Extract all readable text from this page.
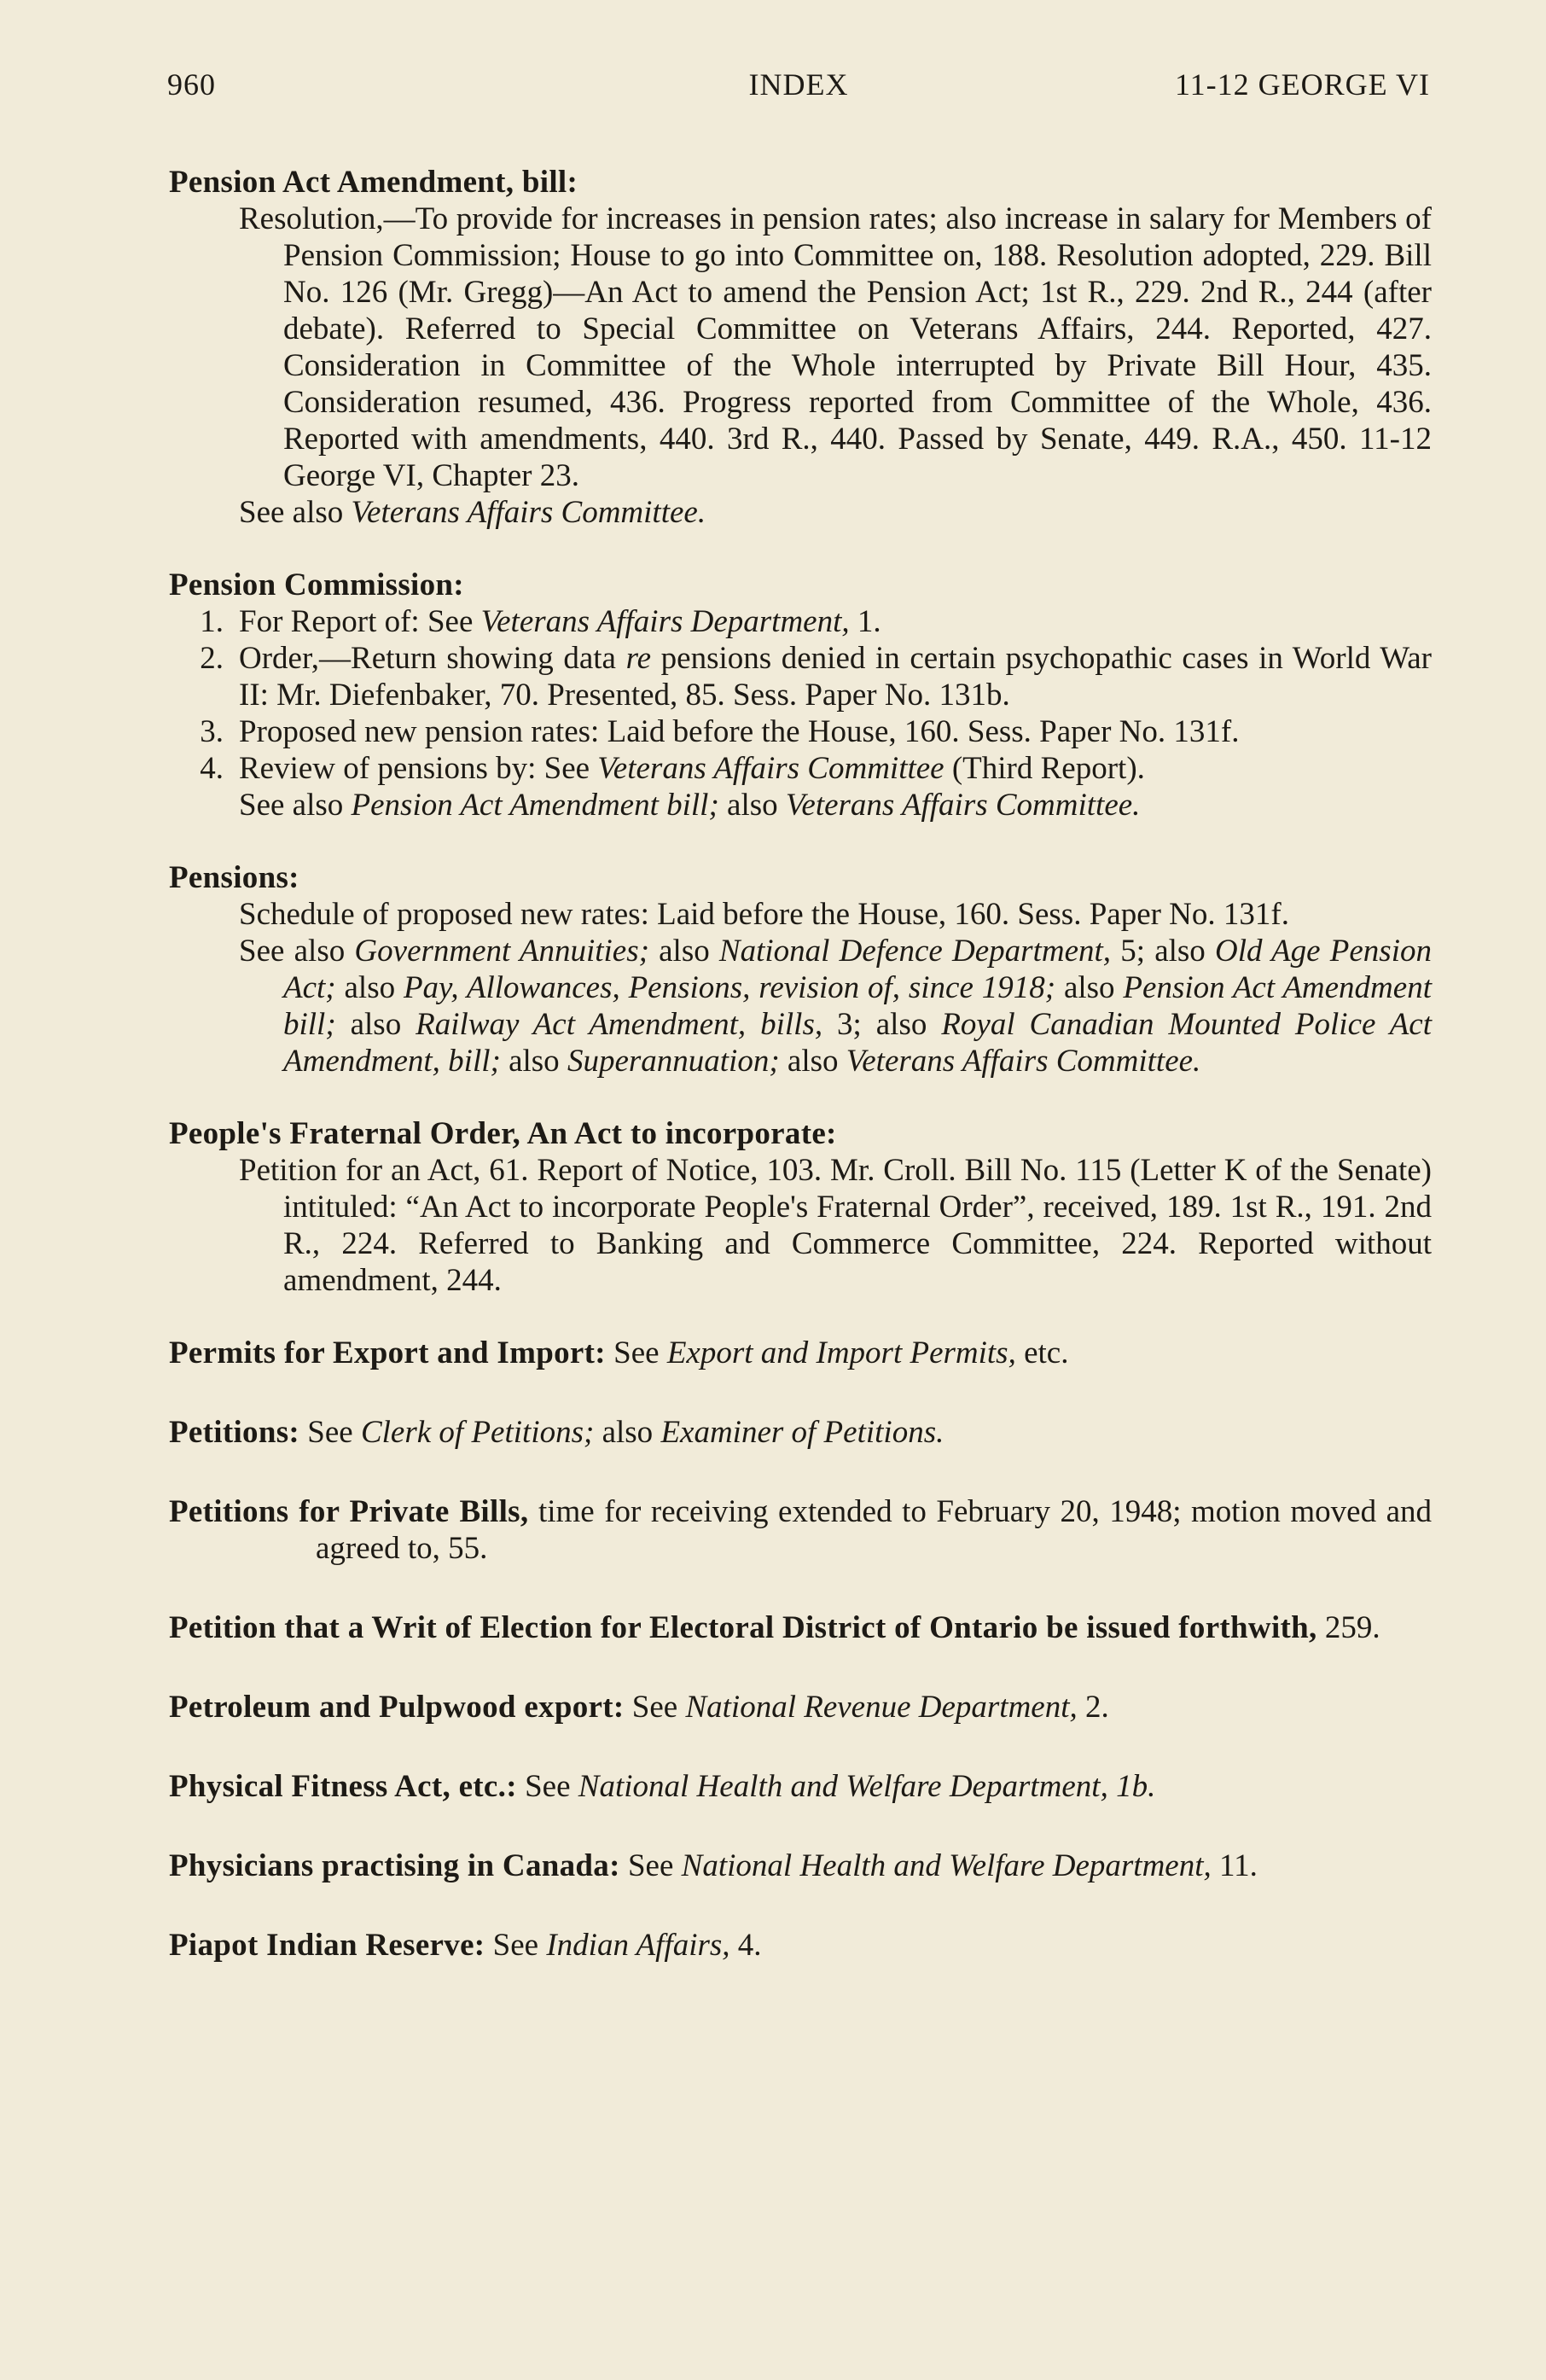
960	INDEX	11-12 GEORGE VI
Pension Act Amendment, bill:
Resolution,—To provide for increases in pension rates; also increase in salary for Members of Pension Commission; House to go into Committee on, 188. Resolution adopted, 229. Bill No. 126 (Mr. Gregg)—An Act to amend the Pension Act; 1st R., 229. 2nd R., 244 (after debate). Referred to Special Committee on Veterans Affairs, 244. Reported, 427. Consideration in Committee of the Whole interrupted by Private Bill Hour, 435. Consideration resumed, 436. Progress reported from Committee of the Whole, 436. Reported with amendments, 440. 3rd R., 440. Passed by Senate, 449. R.A., 450. 11-12 George VI, Chapter 23.
See also Veterans Affairs Committee.
Pension Commission:
1. For Report of: See Veterans Affairs Department, 1.
2. Order,—Return showing data re pensions denied in certain psychopathic cases in World War II: Mr. Diefenbaker, 70. Presented, 85. Sess. Paper No. 131b.
3. Proposed new pension rates: Laid before the House, 160. Sess. Paper No. 131f.
4. Review of pensions by: See Veterans Affairs Committee (Third Report).
See also Pension Act Amendment bill; also Veterans Affairs Committee.
Pensions:
Schedule of proposed new rates: Laid before the House, 160. Sess. Paper No. 131f.
See also Government Annuities; also National Defence Department, 5; also Old Age Pension Act; also Pay, Allowances, Pensions, revision of, since 1918; also Pension Act Amendment bill; also Railway Act Amendment, bills, 3; also Royal Canadian Mounted Police Act Amendment, bill; also Superannuation; also Veterans Affairs Committee.
People's Fraternal Order, An Act to incorporate:
Petition for an Act, 61. Report of Notice, 103. Mr. Croll. Bill No. 115 (Letter K of the Senate) intituled: “An Act to incorporate People's Fraternal Order”, received, 189. 1st R., 191. 2nd R., 224. Referred to Banking and Commerce Committee, 224. Reported without amendment, 244.
Permits for Export and Import: See Export and Import Permits, etc.
Petitions: See Clerk of Petitions; also Examiner of Petitions.
Petitions for Private Bills, time for receiving extended to February 20, 1948; motion moved and agreed to, 55.
Petition that a Writ of Election for Electoral District of Ontario be issued forthwith, 259.
Petroleum and Pulpwood export: See National Revenue Department, 2.
Physical Fitness Act, etc.: See National Health and Welfare Department, 1b.
Physicians practising in Canada: See National Health and Welfare Department, 11.
Piapot Indian Reserve: See Indian Affairs, 4.
